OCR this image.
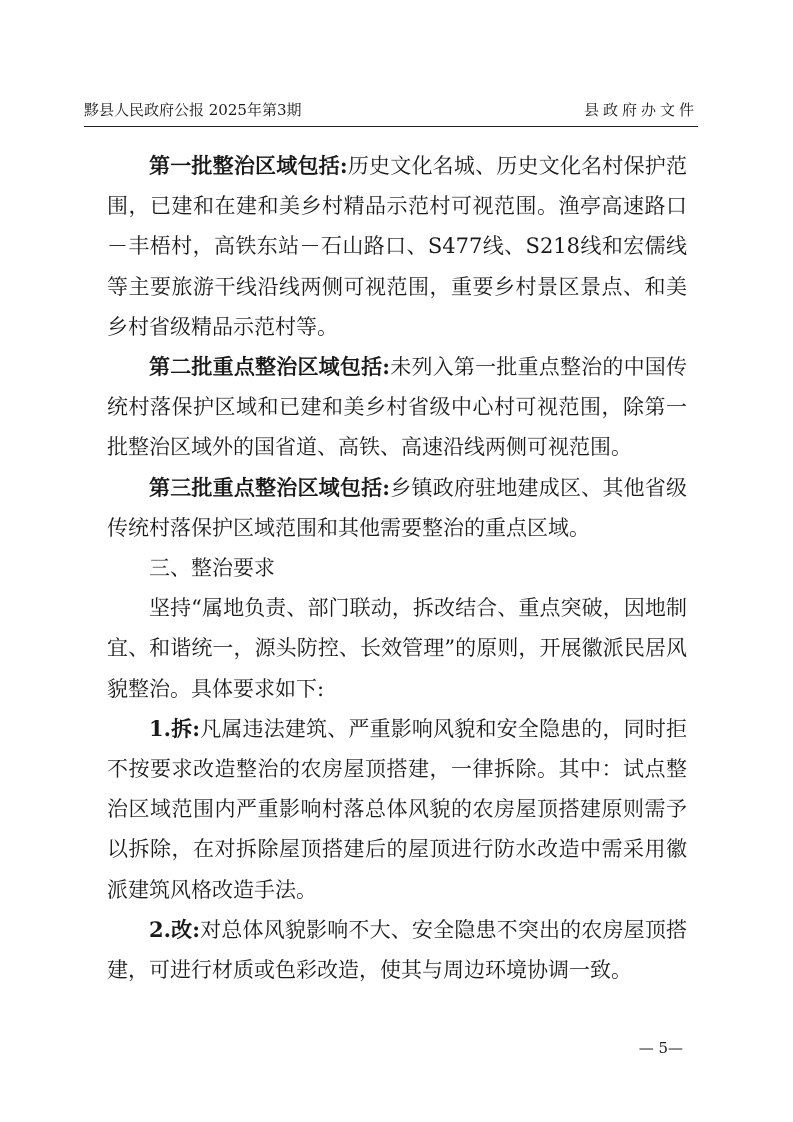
黟县人民政府公报 2025年第3期	县政府办文件

第一批整治区域包括:历史文化名城、历史文化名村保护范围，已建和在建和美乡村精品示范村可视范围。渔亭高速路口－丰梧村，高铁东站－石山路口、S477线、S218线和宏儒线等主要旅游干线沿线两侧可视范围，重要乡村景区景点、和美乡村省级精品示范村等。

第二批重点整治区域包括:未列入第一批重点整治的中国传统村落保护区域和已建和美乡村省级中心村可视范围，除第一批整治区域外的国省道、高铁、高速沿线两侧可视范围。

第三批重点整治区域包括:乡镇政府驻地建成区、其他省级传统村落保护区域范围和其他需要整治的重点区域。

三、整治要求

坚持“属地负责、部门联动，拆改结合、重点突破，因地制宜、和谐统一，源头防控、长效管理”的原则，开展徽派民居风貌整治。具体要求如下:

1.拆:凡属违法建筑、严重影响风貌和安全隐患的，同时拒不按要求改造整治的农房屋顶搭建，一律拆除。其中：试点整治区域范围内严重影响村落总体风貌的农房屋顶搭建原则需予以拆除，在对拆除屋顶搭建后的屋顶进行防水改造中需采用徽派建筑风格改造手法。

2.改:对总体风貌影响不大、安全隐患不突出的农房屋顶搭建，可进行材质或色彩改造，使其与周边环境协调一致。

— 5—
